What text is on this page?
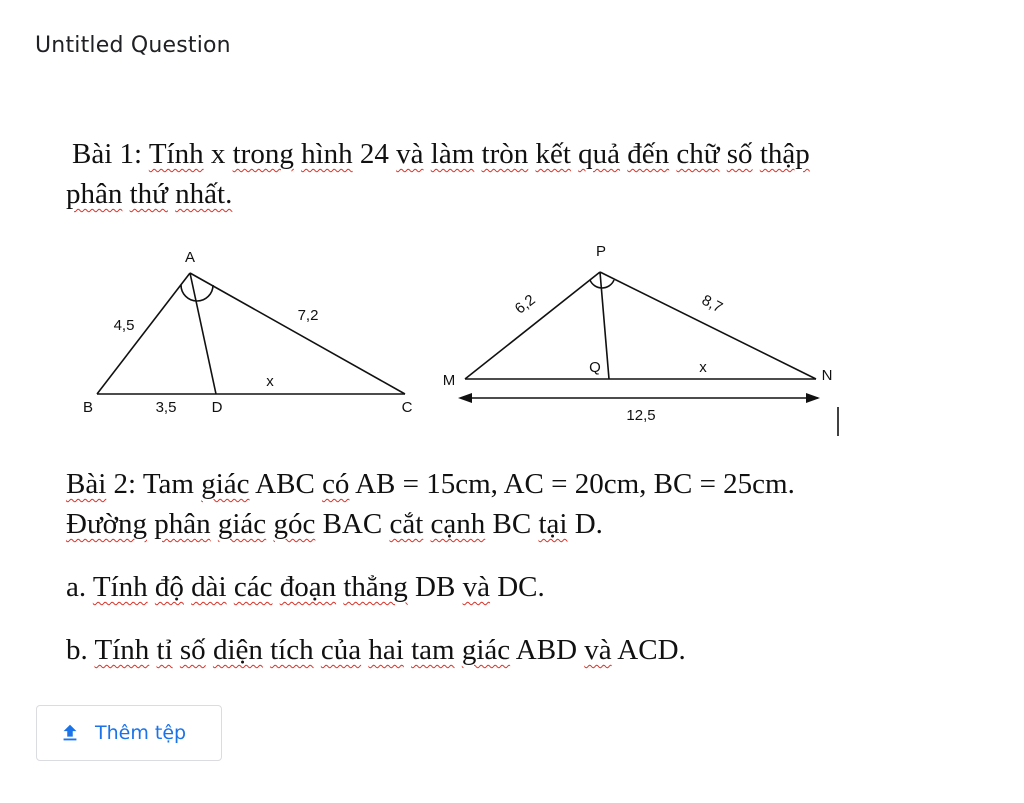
Untitled Question
Bài 1: Tính x trong hình 24 và làm tròn kết quả đến chữ số thập
phân thứ nhất.
A
B	C
D
4,5
7,2
3,5
x
P
M	N
Q
6,2	8,7
12,5
x
Bài 2: Tam giác ABC có AB = 15cm, AC = 20cm, BC = 25cm.
Đường phân giác góc BAC cắt cạnh BC tại D.
a. Tính độ dài các đoạn thẳng DB và DC.
b. Tính tỉ số diện tích của hai tam giác ABD và ACD.
Thêm tệp
